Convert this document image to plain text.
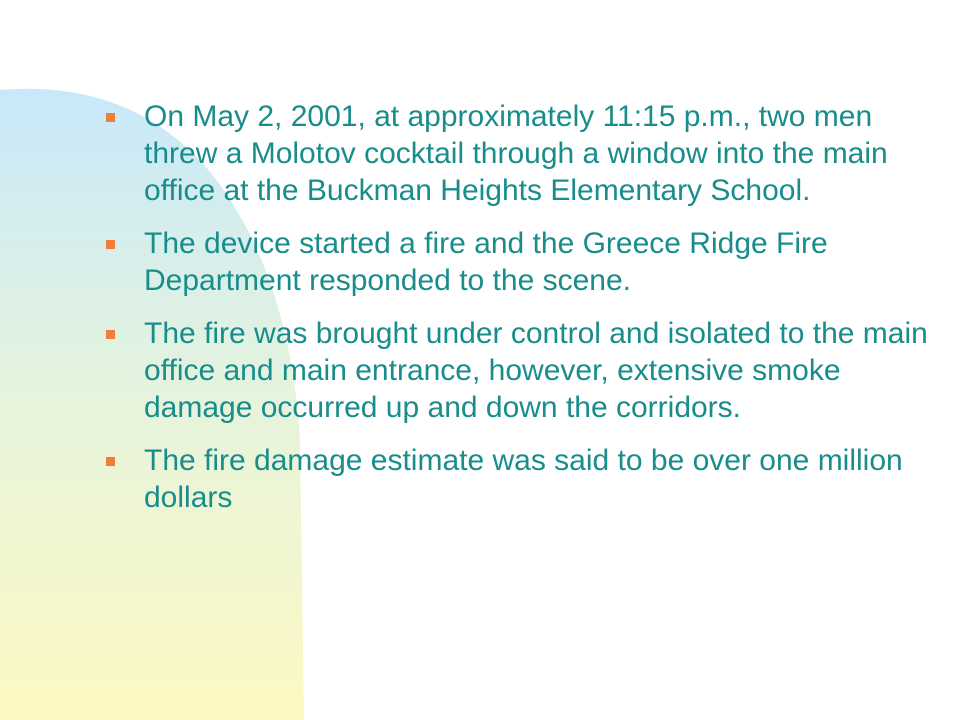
On May 2, 2001, at approximately 11:15 p.m., two men threw a Molotov cocktail through a window into the main office at the Buckman Heights Elementary School.
The device started a fire and the Greece Ridge Fire Department responded to the scene.
The fire was brought under control and isolated to the main office and main entrance, however, extensive smoke damage occurred up and down the corridors.
The fire damage estimate was said to be over one million dollars
